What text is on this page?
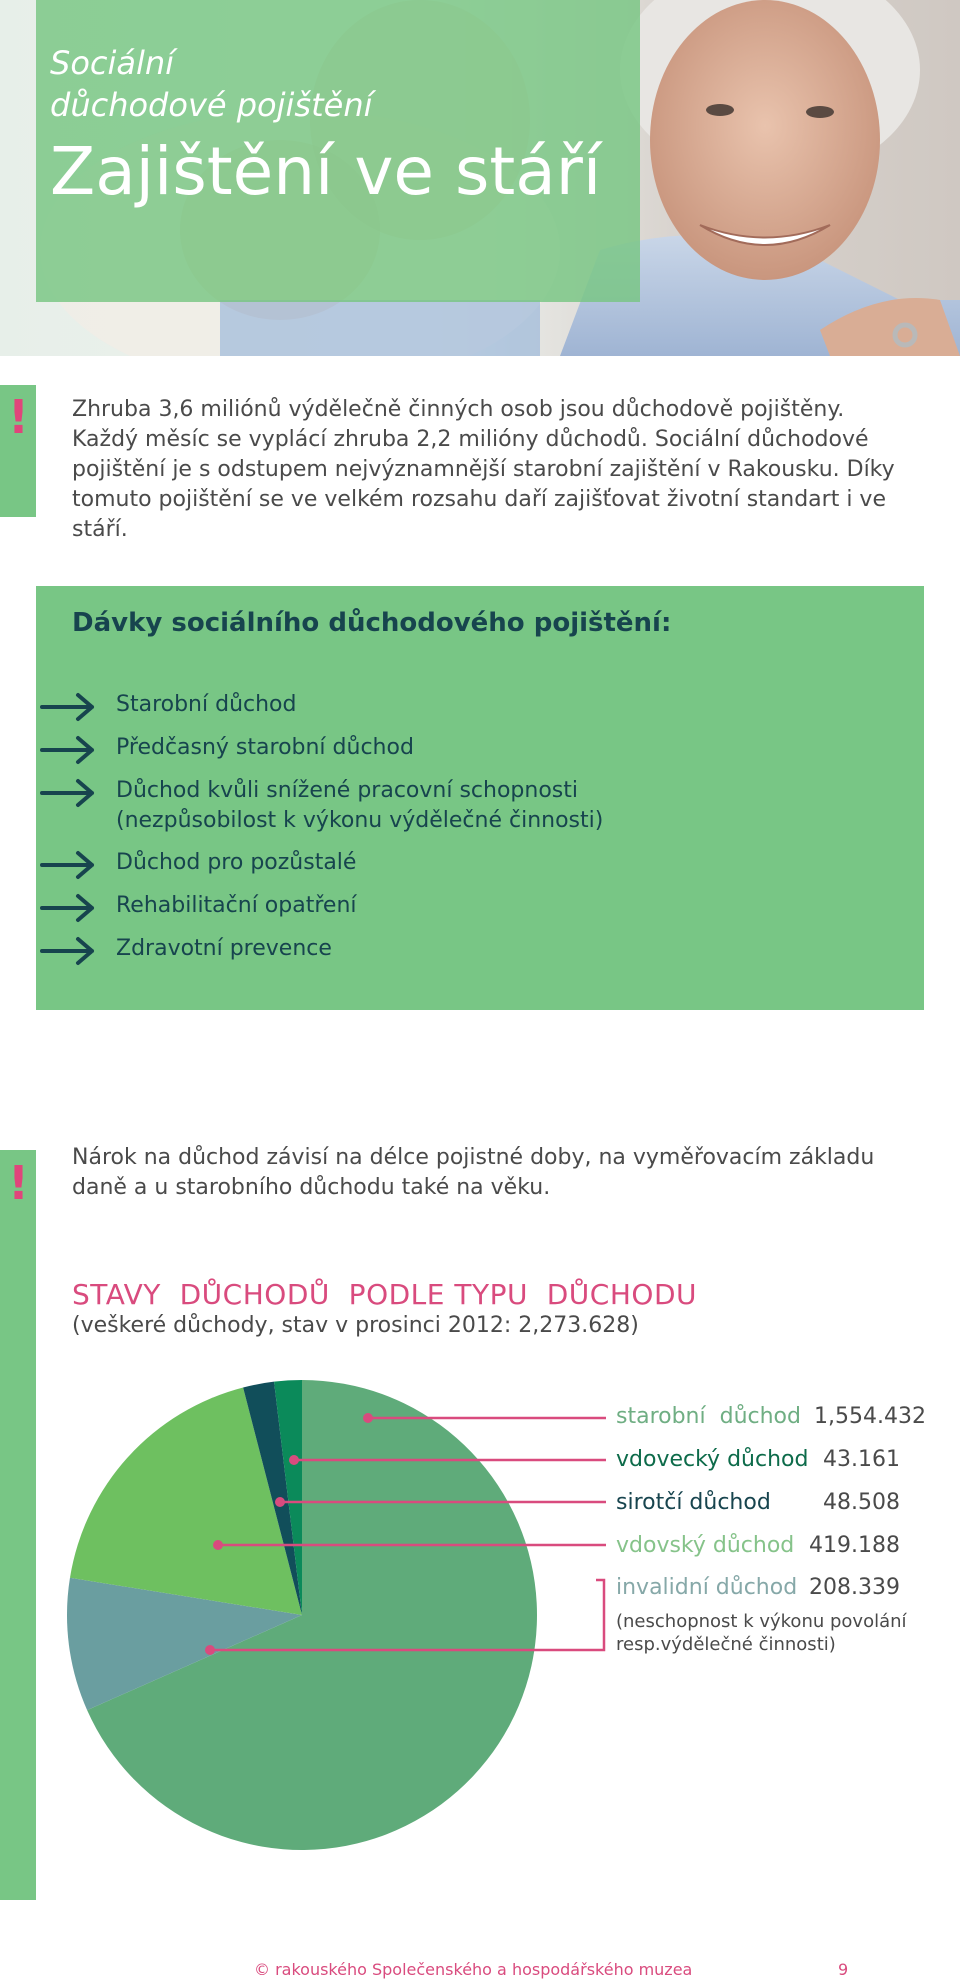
Sociální
důchodové pojištění
Zajištění ve stáří
! Zhruba 3,6 miliónů výdělečně činných osob jsou důchodově pojištěny. Každý měsíc se vyplácí zhruba 2,2 milióny důchodů. Sociální důchodové pojištění je s odstupem nejvýznamnější starobní zajištění v Rakousku. Díky tomuto pojištění se ve velkém rozsahu daří zajišťovat životní standart i ve stáří.

Dávky sociálního důchodového pojištění:
Starobní důchod
Předčasný starobní důchod
Důchod kvůli snížené pracovní schopnosti
(nezpůsobilost k výkonu výdělečné činnosti)
Důchod pro pozůstalé
Rehabilitační opatření
Zdravotní prevence
! Nárok na důchod závisí na délce pojistné doby, na vyměřovacím základu daně a u starobního důchodu také na věku.

STAVY  DŮCHODŮ  PODLE TYPU  DŮCHODU

(veškeré důchody, stav v prosinci 2012: 2,273.628)

starobní  důchod 1,554.432
vdovecký důchod 43.161
sirotčí důchod 48.508
vdovský důchod 419.188
invalidní důchod 208.339

(neschopnost k výkonu povolání resp.výdělečné činnosti)

© rakouského Společenského a hospodářského muzea	9
